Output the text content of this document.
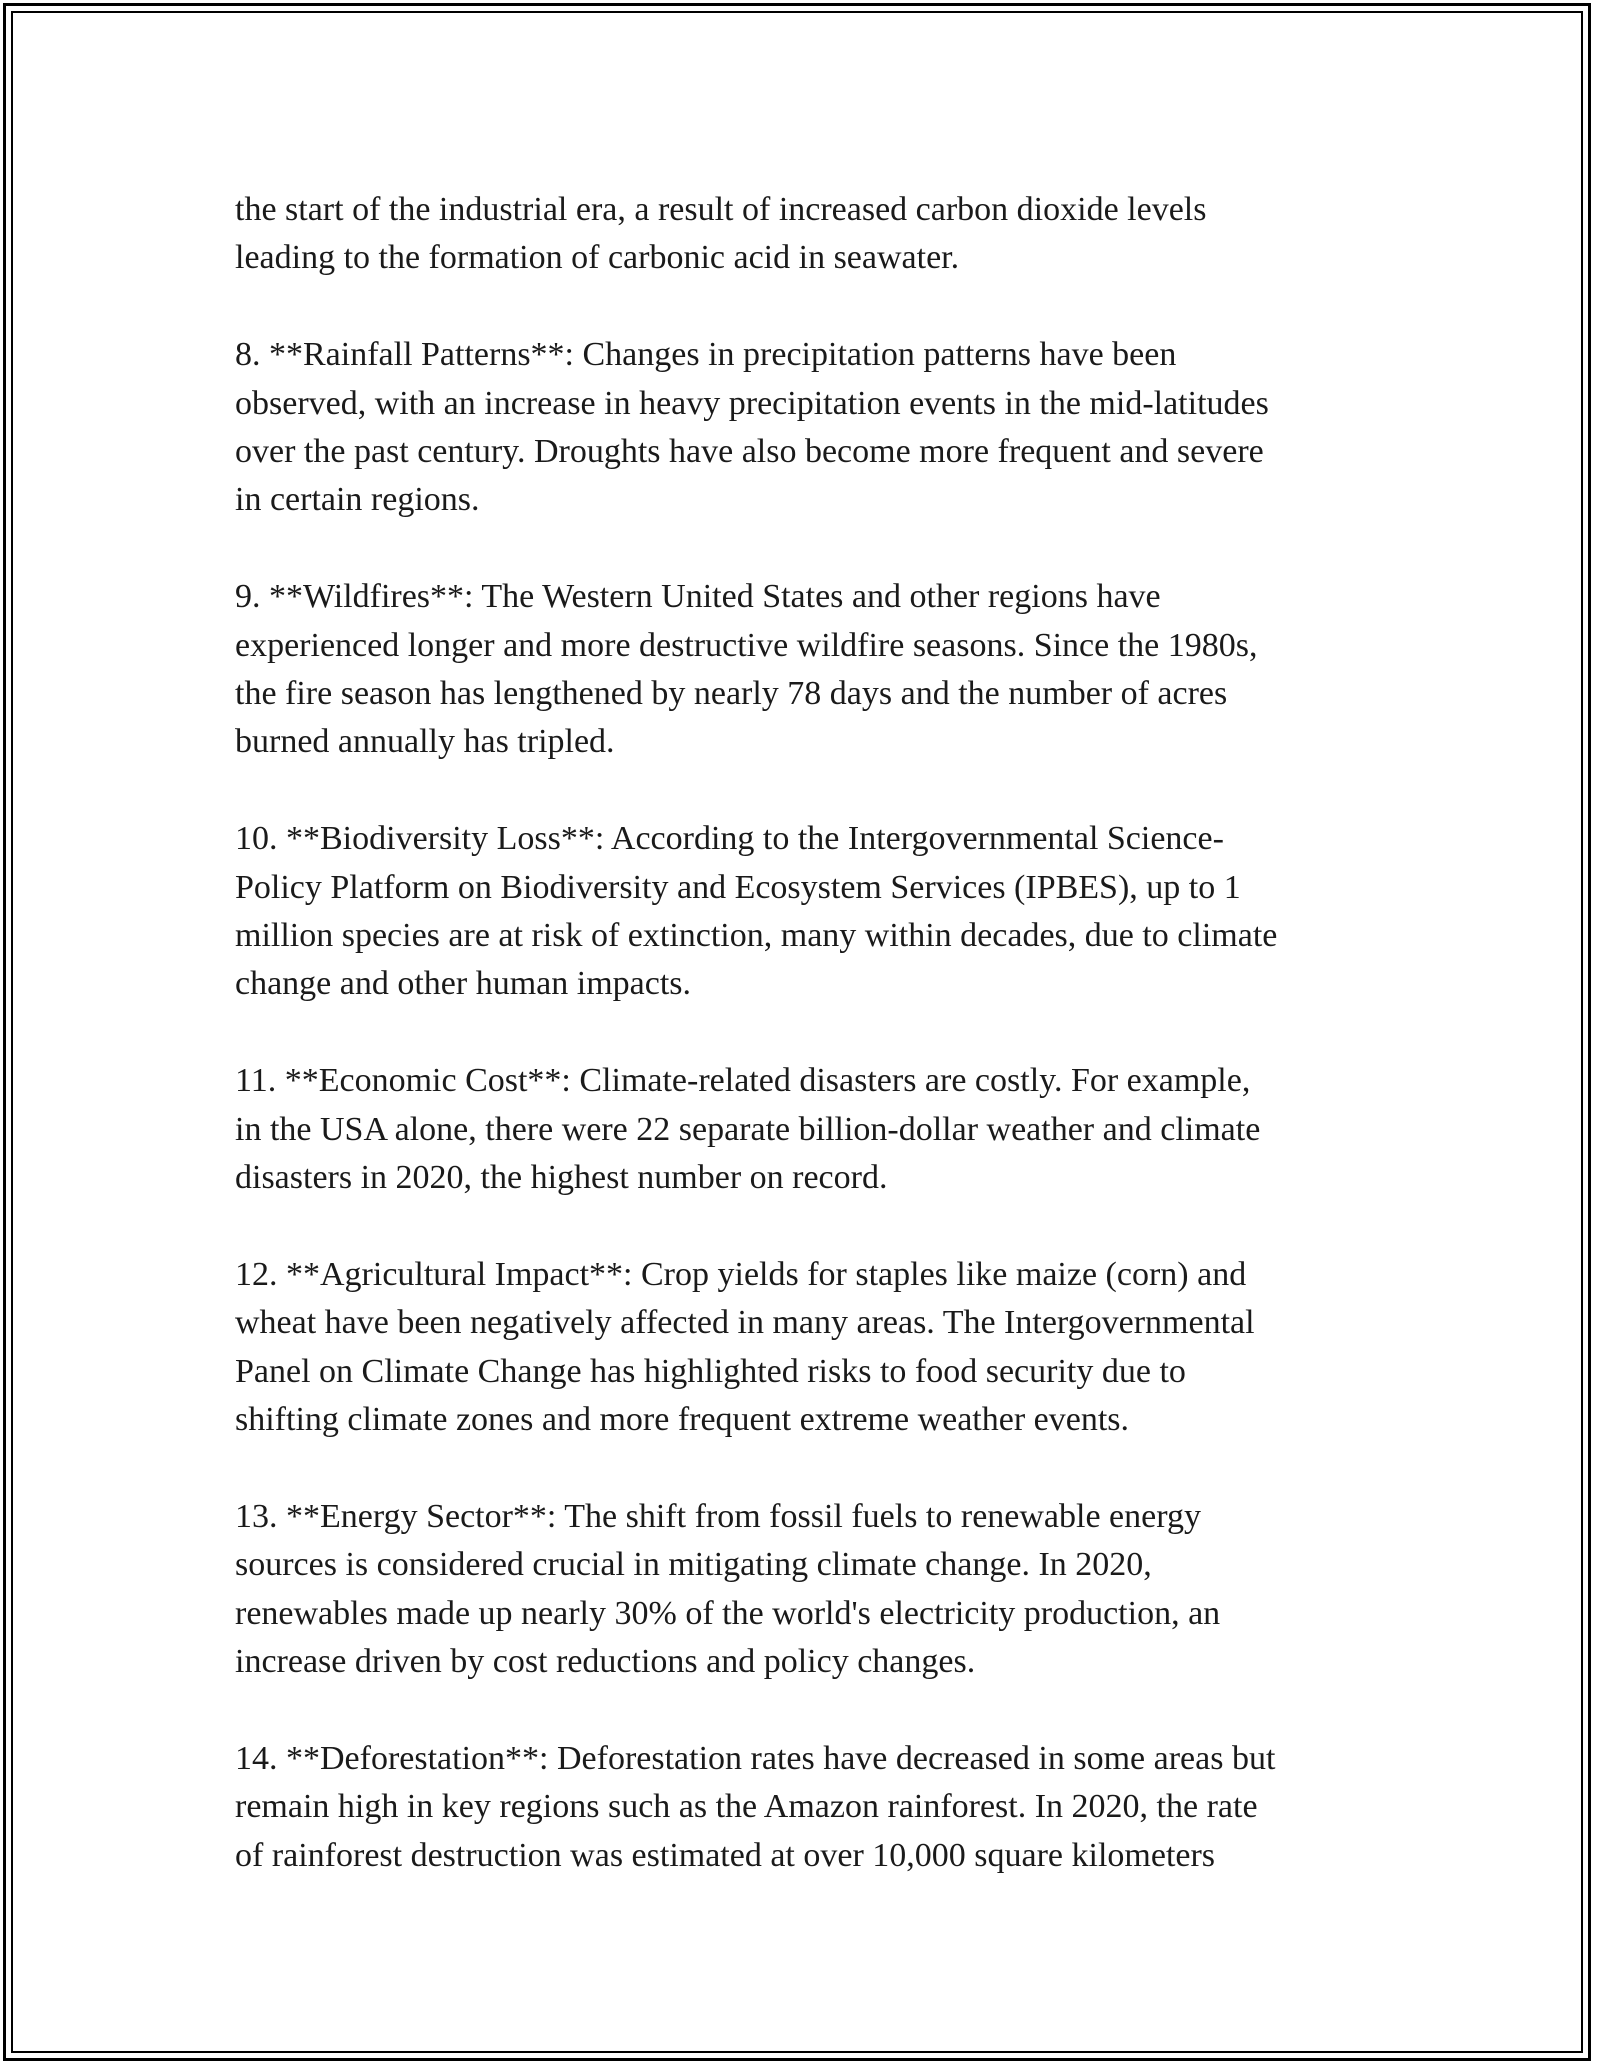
the start of the industrial era, a result of increased carbon dioxide levels
leading to the formation of carbonic acid in seawater.
8. **Rainfall Patterns**: Changes in precipitation patterns have been
observed, with an increase in heavy precipitation events in the mid-latitudes
over the past century. Droughts have also become more frequent and severe
in certain regions.
9. **Wildfires**: The Western United States and other regions have
experienced longer and more destructive wildfire seasons. Since the 1980s,
the fire season has lengthened by nearly 78 days and the number of acres
burned annually has tripled.
10. **Biodiversity Loss**: According to the Intergovernmental Science-
Policy Platform on Biodiversity and Ecosystem Services (IPBES), up to 1
million species are at risk of extinction, many within decades, due to climate
change and other human impacts.
11. **Economic Cost**: Climate-related disasters are costly. For example,
in the USA alone, there were 22 separate billion-dollar weather and climate
disasters in 2020, the highest number on record.
12. **Agricultural Impact**: Crop yields for staples like maize (corn) and
wheat have been negatively affected in many areas. The Intergovernmental
Panel on Climate Change has highlighted risks to food security due to
shifting climate zones and more frequent extreme weather events.
13. **Energy Sector**: The shift from fossil fuels to renewable energy
sources is considered crucial in mitigating climate change. In 2020,
renewables made up nearly 30% of the world's electricity production, an
increase driven by cost reductions and policy changes.
14. **Deforestation**: Deforestation rates have decreased in some areas but
remain high in key regions such as the Amazon rainforest. In 2020, the rate
of rainforest destruction was estimated at over 10,000 square kilometers
